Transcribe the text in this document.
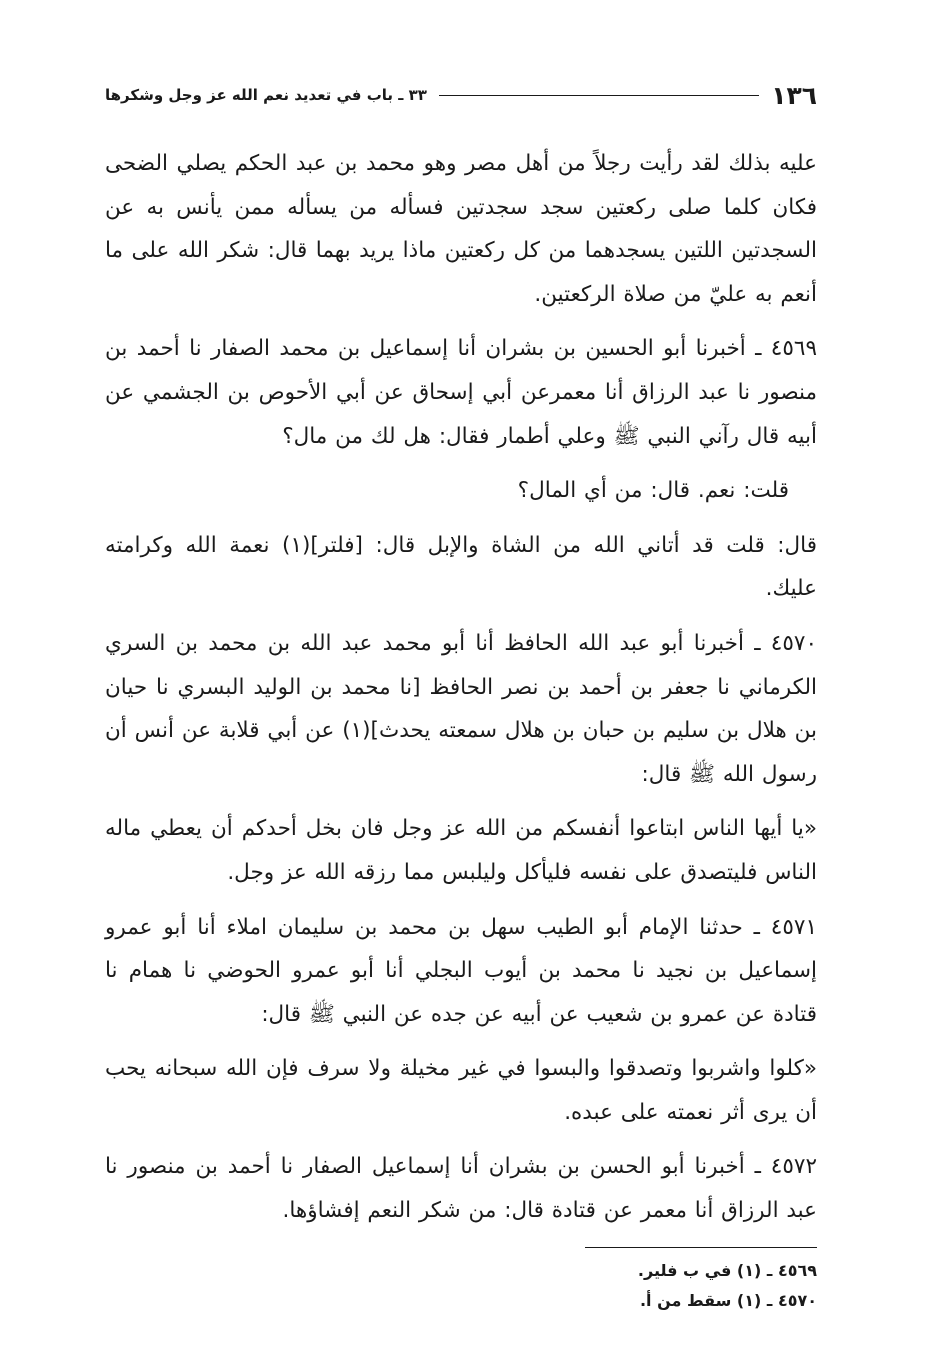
١٣٦
٣٣ ـ باب في تعديد نعم الله عز وجل وشكرها

عليه بذلك لقد رأيت رجلاً من أهل مصر وهو محمد بن عبد الحكم يصلي الضحى فكان كلما صلى ركعتين سجد سجدتين فسأله من يسأله ممن يأنس به عن السجدتين اللتين يسجدهما من كل ركعتين ماذا يريد بهما قال: شكر الله على ما أنعم به عليّ من صلاة الركعتين.

٤٥٦٩ ـ أخبرنا أبو الحسين بن بشران أنا إسماعيل بن محمد الصفار نا أحمد بن منصور نا عبد الرزاق أنا معمرعن أبي إسحاق عن أبي الأحوص بن الجشمي عن أبيه قال رآني النبي ﷺ وعلي أطمار فقال: هل لك من مال؟

قلت: نعم. قال: من أي المال؟

قال: قلت قد أتاني الله من الشاة والإبل قال: [فلتر](١) نعمة الله وكرامته عليك.

٤٥٧٠ ـ أخبرنا أبو عبد الله الحافظ أنا أبو محمد عبد الله بن محمد بن السري الكرماني نا جعفر بن أحمد بن نصر الحافظ [نا محمد بن الوليد البسري نا حيان بن هلال بن سليم بن حبان بن هلال سمعته يحدث](١) عن أبي قلابة عن أنس أن رسول الله ﷺ قال:

«يا أيها الناس ابتاعوا أنفسكم من الله عز وجل فان بخل أحدكم أن يعطي ماله الناس فليتصدق على نفسه فليأكل وليلبس مما رزقه الله عز وجل.

٤٥٧١ ـ حدثنا الإمام أبو الطيب سهل بن محمد بن سليمان املاء أنا أبو عمرو إسماعيل بن نجيد نا محمد بن أيوب البجلي أنا أبو عمرو الحوضي نا همام نا قتادة عن عمرو بن شعيب عن أبيه عن جده عن النبي ﷺ قال:

«كلوا واشربوا وتصدقوا والبسوا في غير مخيلة ولا سرف فإن الله سبحانه يحب أن يرى أثر نعمته على عبده.

٤٥٧٢ ـ أخبرنا أبو الحسن بن بشران أنا إسماعيل الصفار نا أحمد بن منصور نا عبد الرزاق أنا معمر عن قتادة قال: من شكر النعم إفشاؤها.

٤٥٦٩ ـ (١) في ب فلير.
٤٥٧٠ ـ (١) سقط من أ.
